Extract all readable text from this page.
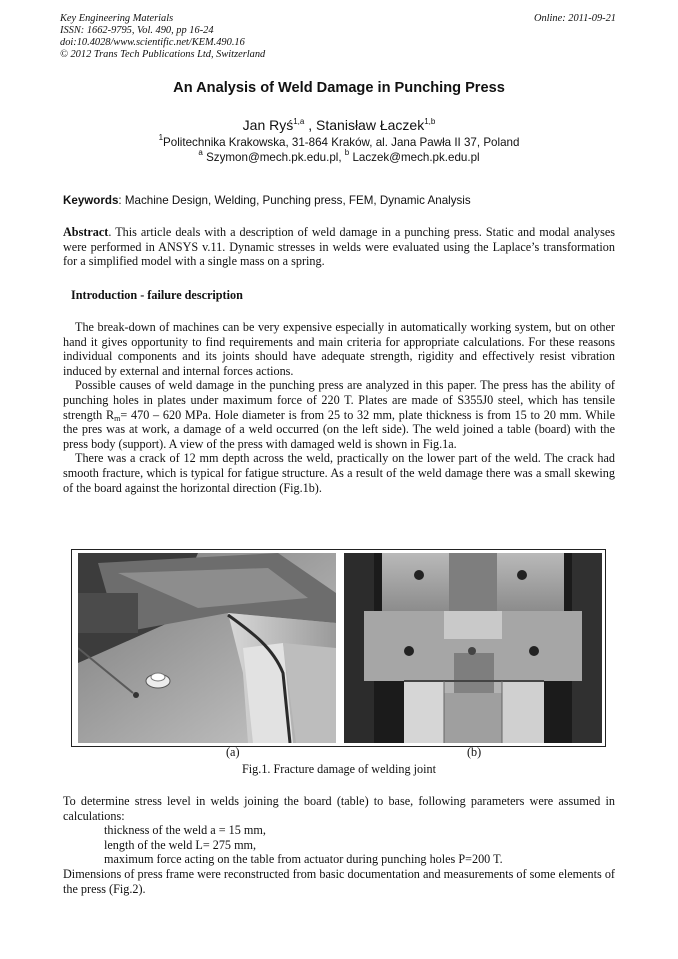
Key Engineering Materials
ISSN: 1662-9795, Vol. 490, pp 16-24
doi:10.4028/www.scientific.net/KEM.490.16
© 2012 Trans Tech Publications Ltd, Switzerland
Online: 2011-09-21
An Analysis of Weld Damage in Punching Press
Jan Ryś$^{1,a}$ , Stanisław Łaczek$^{1,b}$
$^1$Politechnika Krakowska, 31-864 Kraków, al. Jana Pawła II 37, Poland
$^a$ Szymon@mech.pk.edu.pl, $^b$ Laczek@mech.pk.edu.pl
Keywords: Machine Design, Welding, Punching press, FEM, Dynamic Analysis
Abstract. This article deals with a description of weld damage in a punching press. Static and modal analyses were performed in ANSYS v.11. Dynamic stresses in welds were evaluated using the Laplace’s transformation for a simplified model with a single mass on a spring.
Introduction - failure description

The break-down of machines can be very expensive especially in automatically working system, but on other hand it gives opportunity to find requirements and main criteria for appropriate calculations. For these reasons individual components and its joints should have adequate strength, rigidity and effectively resist vibration induced by external and internal forces actions.

Possible causes of weld damage in the punching press are analyzed in this paper. The press has the ability of punching holes in plates under maximum force of 220 T. Plates are made of S355J0 steel, which has tensile strength $R_m= 470 - 620$ MPa. Hole diameter is from 25 to 32 mm, plate thickness is from 15 to 20 mm. While the pres was at work, a damage of a weld occurred (on the left side). The weld joined a table (board) with the press body (support). A view of the press with damaged weld is shown in Fig.1a.

There was a crack of 12 mm depth across the weld, practically on the lower part of the weld. The crack had smooth fracture, which is typical for fatigue structure. As a result of the weld damage there was a small skewing of the board against the horizontal direction (Fig.1b).

(a)	(b)
Fig.1. Fracture damage of welding joint

To determine stress level in welds joining the board (table) to base, following parameters were assumed in calculations:

thickness of the weld a = 15 mm,
length of the weld L= 275 mm,
maximum force acting on the table from actuator during punching holes P=200 T.

Dimensions of press frame were reconstructed from basic documentation and measurements of some elements of the press (Fig.2).
